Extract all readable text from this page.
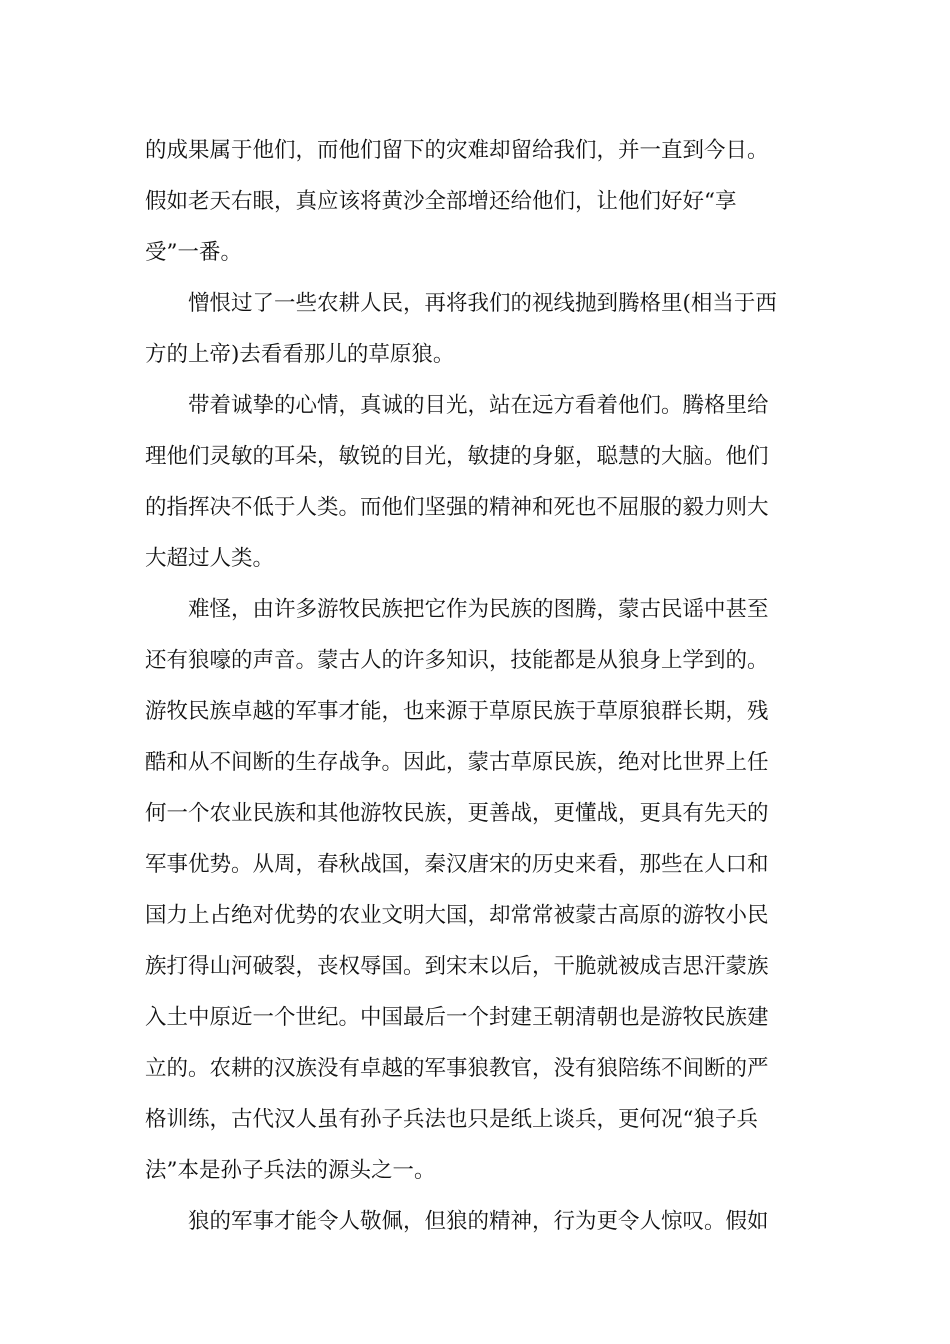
的成果属于他们，而他们留下的灾难却留给我们，并一直到今日。
假如老天右眼，真应该将黄沙全部增还给他们，让他们好好“享
受”一番。

憎恨过了一些农耕人民，再将我们的视线抛到腾格里(相当于西
方的上帝)去看看那儿的草原狼。

带着诚挚的心情，真诚的目光，站在远方看着他们。腾格里给
理他们灵敏的耳朵，敏锐的目光，敏捷的身躯，聪慧的大脑。他们
的指挥决不低于人类。而他们坚强的精神和死也不屈服的毅力则大
大超过人类。

难怪，由许多游牧民族把它作为民族的图腾，蒙古民谣中甚至
还有狼嚎的声音。蒙古人的许多知识，技能都是从狼身上学到的。
游牧民族卓越的军事才能，也来源于草原民族于草原狼群长期，残
酷和从不间断的生存战争。因此，蒙古草原民族，绝对比世界上任
何一个农业民族和其他游牧民族，更善战，更懂战，更具有先天的
军事优势。从周，春秋战国，秦汉唐宋的历史来看，那些在人口和
国力上占绝对优势的农业文明大国，却常常被蒙古高原的游牧小民
族打得山河破裂，丧权辱国。到宋末以后，干脆就被成吉思汗蒙族
入土中原近一个世纪。中国最后一个封建王朝清朝也是游牧民族建
立的。农耕的汉族没有卓越的军事狼教官，没有狼陪练不间断的严
格训练，古代汉人虽有孙子兵法也只是纸上谈兵，更何况“狼子兵
法”本是孙子兵法的源头之一。

狼的军事才能令人敬佩，但狼的精神，行为更令人惊叹。假如
